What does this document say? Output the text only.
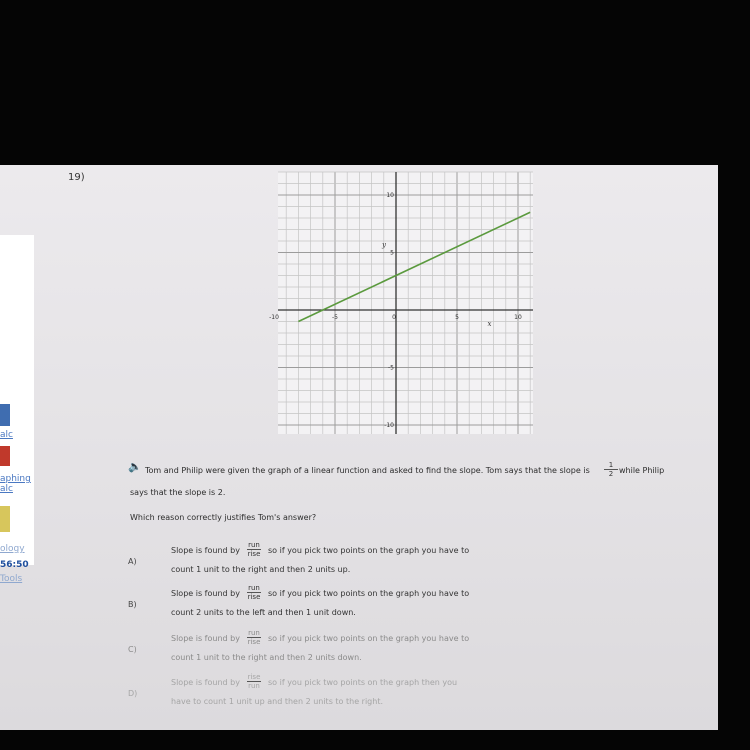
alc
aphing
alc
ology
56:50
Tools
19)
-10	-5	0	5	10
10
5
-5
-10
x
y
🔈 Tom and Philip were given the graph of a linear function and asked to find the slope. Tom says that the slope is
1
2 while Philip
says that the slope is 2.
Which reason correctly justifies Tom's answer?
A)
Slope is found by
run
rise so if you pick two points on the graph you have to
count 1 unit to the right and then 2 units up.
B)
Slope is found by
run
rise so if you pick two points on the graph you have to
count 2 units to the left and then 1 unit down.
C)
Slope is found by
run
rise so if you pick two points on the graph you have to
count 1 unit to the right and then 2 units down.
D)
Slope is found by
rise
run	so if you pick two points on the graph then you
have to count 1 unit up and then 2 units to the right.
